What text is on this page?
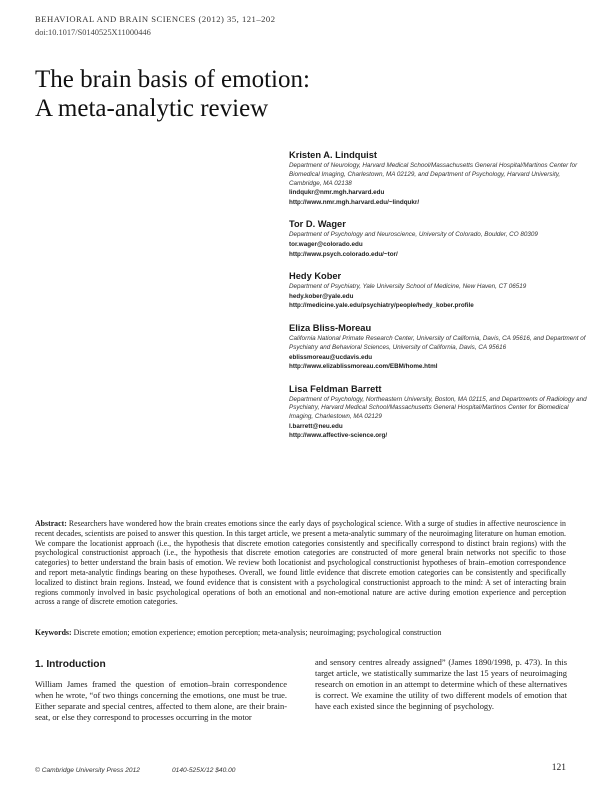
BEHAVIORAL AND BRAIN SCIENCES (2012) 35, 121–202
doi:10.1017/S0140525X11000446
The brain basis of emotion:
A meta-analytic review
Kristen A. Lindquist
Department of Neurology, Harvard Medical School/Massachusetts General Hospital/Martinos Center for Biomedical Imaging, Charlestown, MA 02129, and Department of Psychology, Harvard University, Cambridge, MA 02138
lindqukr@nmr.mgh.harvard.edu
http://www.nmr.mgh.harvard.edu/~lindqukr/
Tor D. Wager
Department of Psychology and Neuroscience, University of Colorado, Boulder, CO 80309
tor.wager@colorado.edu
http://www.psych.colorado.edu/~tor/
Hedy Kober
Department of Psychiatry, Yale University School of Medicine, New Haven, CT 06519
hedy.kober@yale.edu
http://medicine.yale.edu/psychiatry/people/hedy_kober.profile
Eliza Bliss-Moreau
California National Primate Research Center, University of California, Davis, CA 95616, and Department of Psychiatry and Behavioral Sciences, University of California, Davis, CA 95616
eblissmoreau@ucdavis.edu
http://www.elizablissmoreau.com/EBM/home.html
Lisa Feldman Barrett
Department of Psychology, Northeastern University, Boston, MA 02115, and Departments of Radiology and Psychiatry, Harvard Medical School/Massachusetts General Hospital/Martinos Center for Biomedical Imaging, Charlestown, MA 02129
l.barrett@neu.edu
http://www.affective-science.org/
Abstract: Researchers have wondered how the brain creates emotions since the early days of psychological science. With a surge of studies in affective neuroscience in recent decades, scientists are poised to answer this question. In this target article, we present a meta-analytic summary of the neuroimaging literature on human emotion. We compare the locationist approach (i.e., the hypothesis that discrete emotion categories consistently and specifically correspond to distinct brain regions) with the psychological constructionist approach (i.e., the hypothesis that discrete emotion categories are constructed of more general brain networks not specific to those categories) to better understand the brain basis of emotion. We review both locationist and psychological constructionist hypotheses of brain–emotion correspondence and report meta-analytic findings bearing on these hypotheses. Overall, we found little evidence that discrete emotion categories can be consistently and specifically localized to distinct brain regions. Instead, we found evidence that is consistent with a psychological constructionist approach to the mind: A set of interacting brain regions commonly involved in basic psychological operations of both an emotional and non-emotional nature are active during emotion experience and perception across a range of discrete emotion categories.
Keywords: Discrete emotion; emotion experience; emotion perception; meta-analysis; neuroimaging; psychological construction
1. Introduction
William James framed the question of emotion–brain correspondence when he wrote, “of two things concerning the emotions, one must be true. Either separate and special centres, affected to them alone, are their brain-seat, or else they correspond to processes occurring in the motor
and sensory centres already assigned” (James 1890/1998, p. 473). In this target article, we statistically summarize the last 15 years of neuroimaging research on emotion in an attempt to determine which of these alternatives is correct. We examine the utility of two different models of emotion that have each existed since the beginning of psychology.
© Cambridge University Press 2012	0140-525X/12 $40.00	121
